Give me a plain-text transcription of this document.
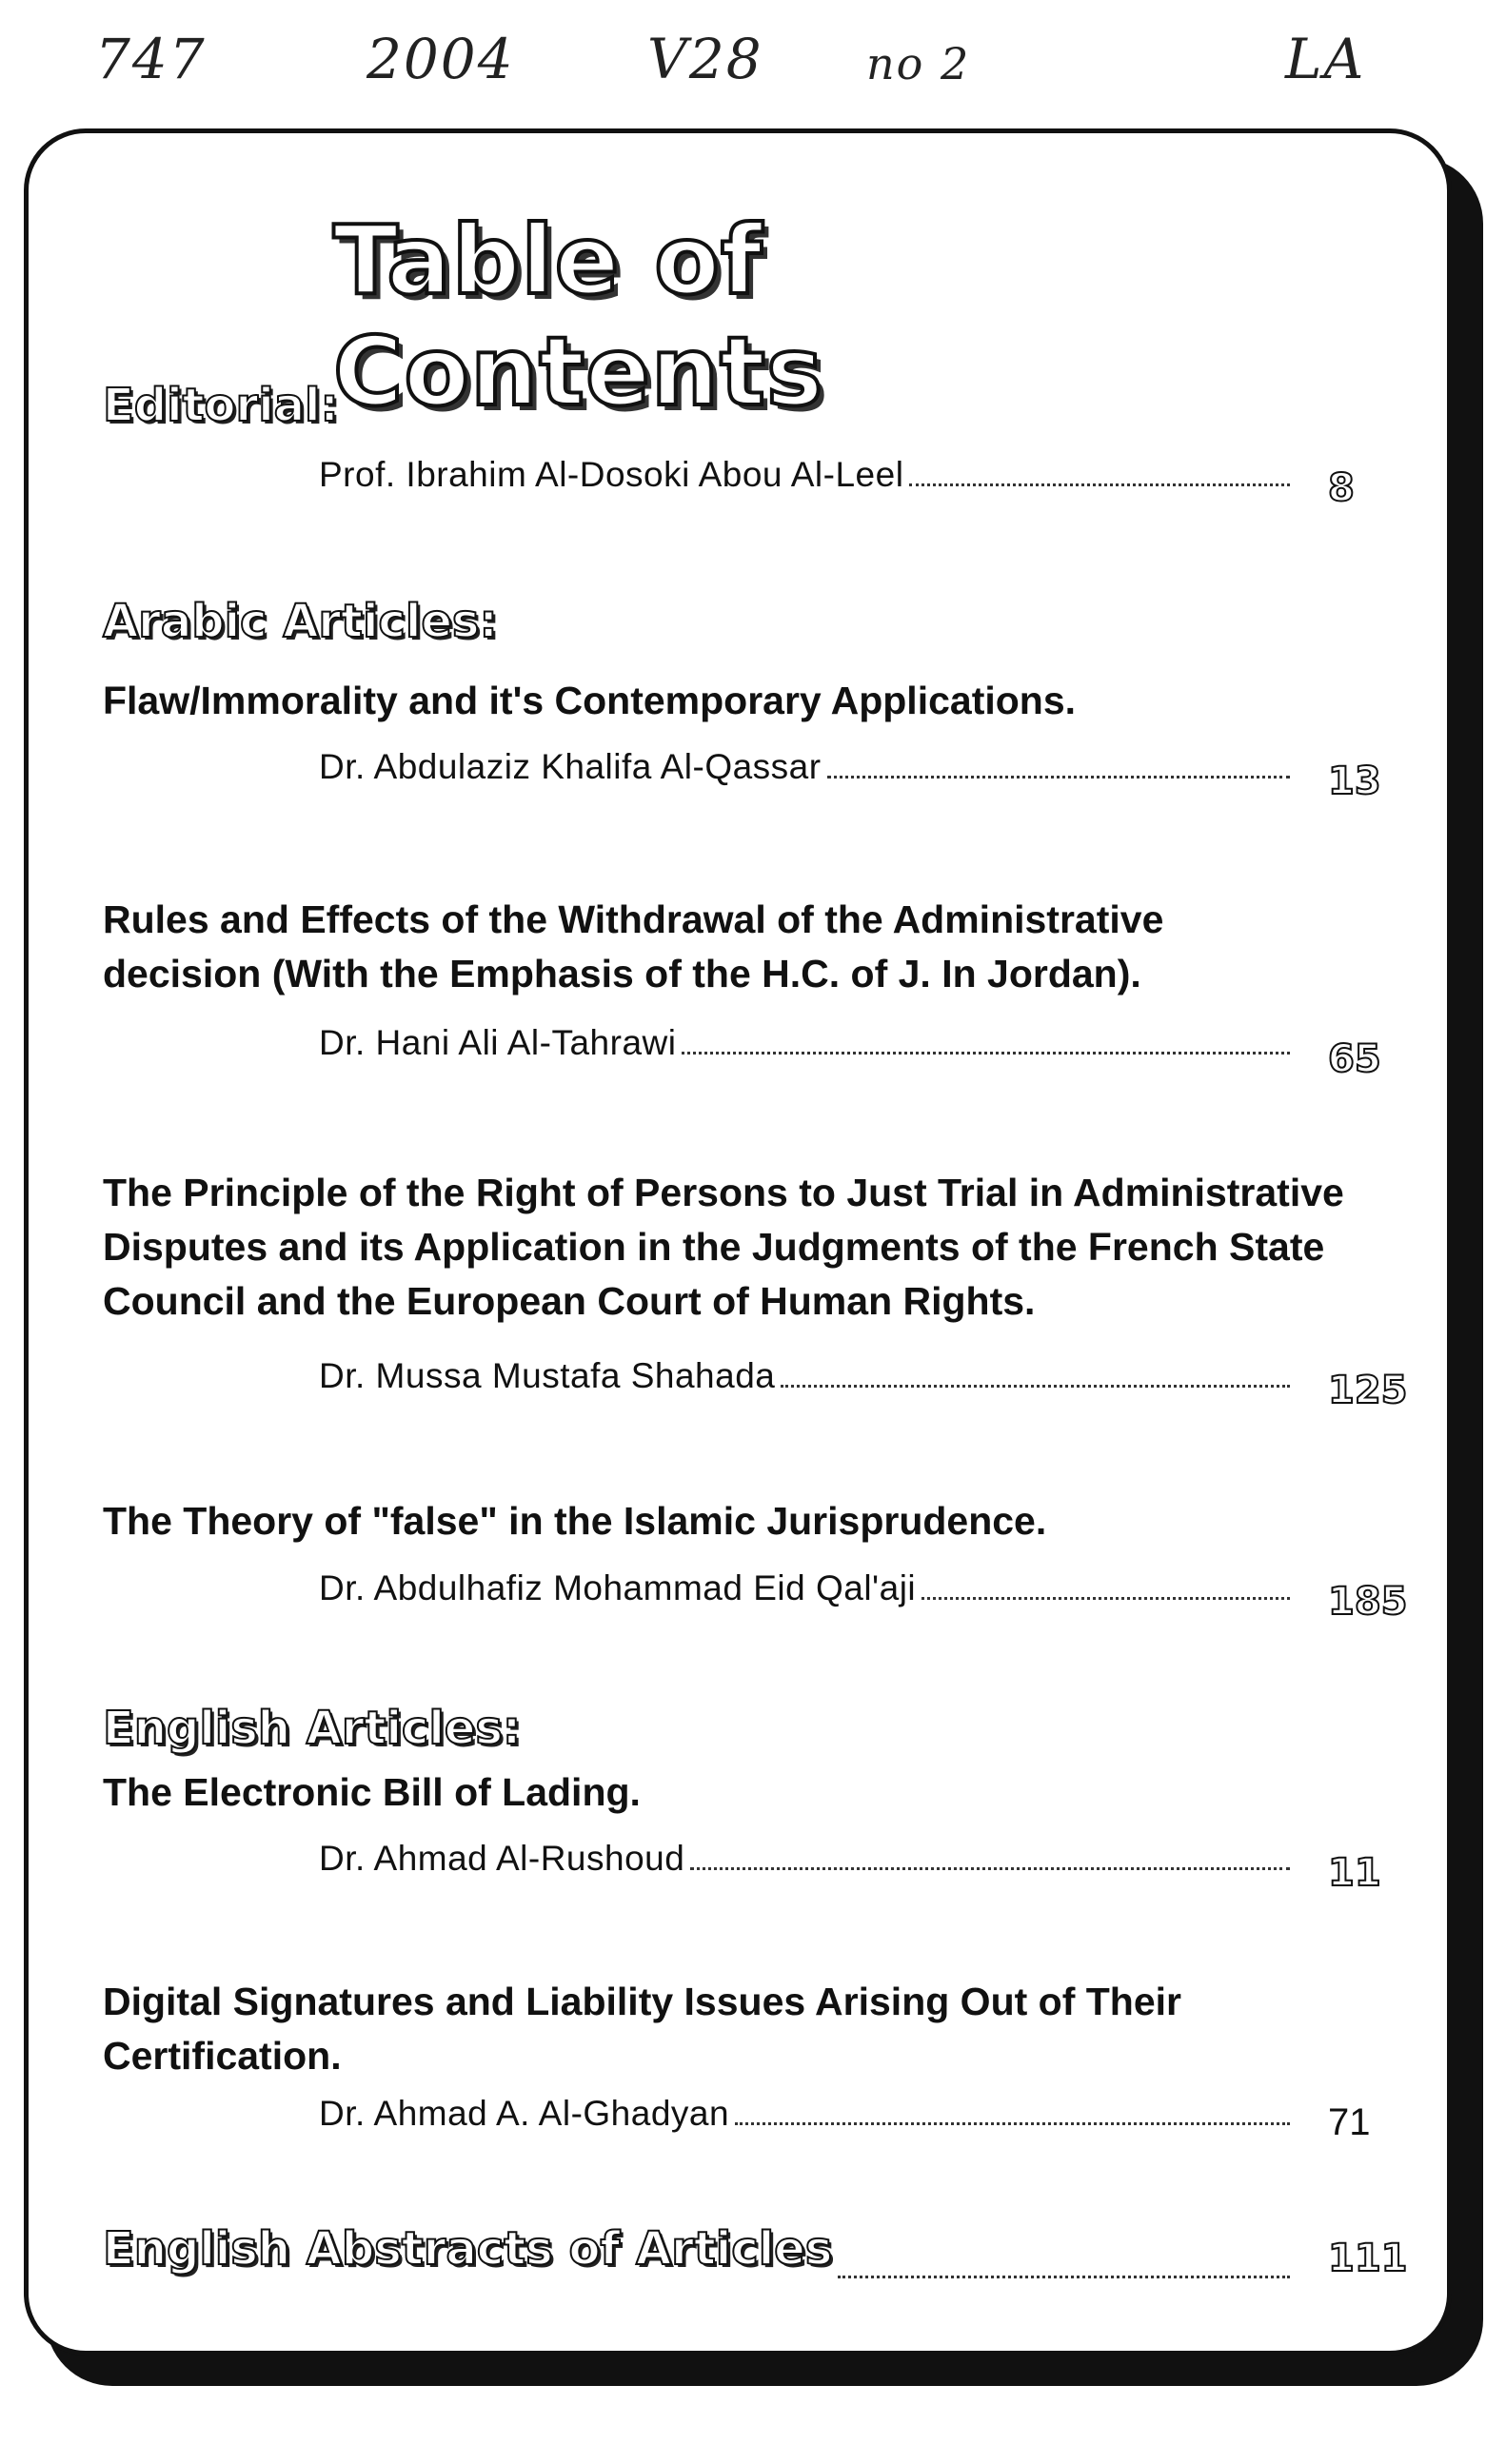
747	2004 V28 no 2	LA
Table of Contents
Editorial:
Prof. Ibrahim Al-Dosoki Abou Al-Leel	8
Arabic Articles:
Flaw/Immorality and it's Contemporary Applications.
Dr. Abdulaziz Khalifa Al-Qassar	13
Rules and Effects of the Withdrawal of the Administrative decision (With the Emphasis of the H.C. of J. In Jordan).
Dr. Hani Ali Al-Tahrawi	65
The Principle of the Right of Persons to Just Trial in Administrative Disputes and its Application in the Judgments of the French State Council and the European Court of Human Rights.
Dr. Mussa Mustafa Shahada	125
The Theory of "false" in the Islamic Jurisprudence.
Dr. Abdulhafiz Mohammad Eid Qal'aji	185
English Articles:
The Electronic Bill of Lading.
Dr. Ahmad Al-Rushoud	11
Digital Signatures and Liability Issues Arising Out of Their Certification.
Dr. Ahmad A. Al-Ghadyan	71
English Abstracts of Articles	111
